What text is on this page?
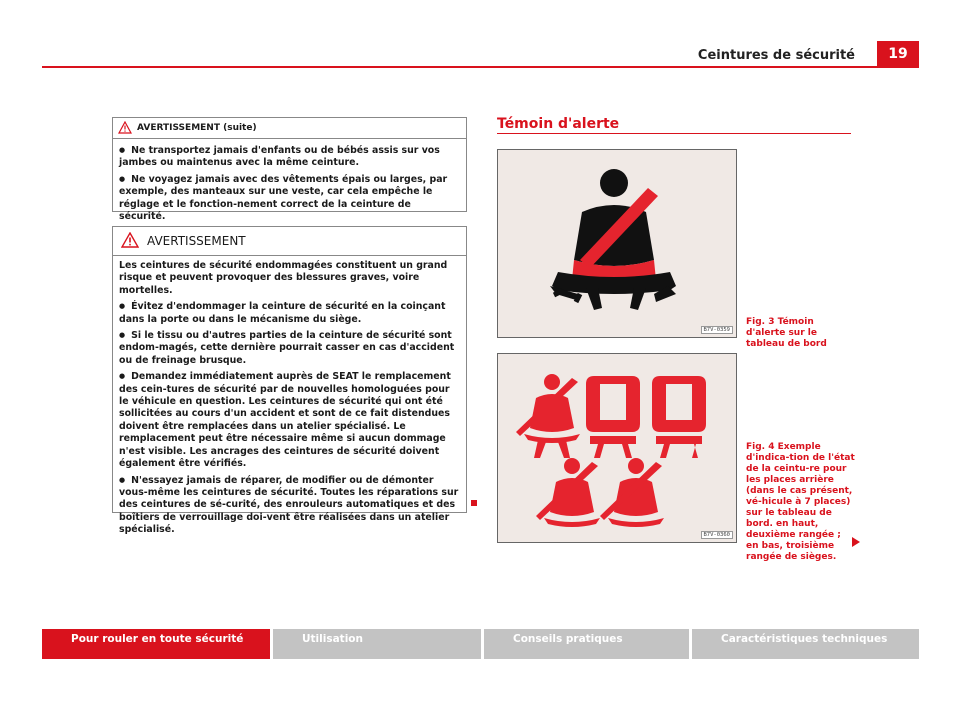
Ceintures de sécurité	19
AVERTISSEMENT (suite)

● Ne transportez jamais d'enfants ou de bébés assis sur vos jambes ou maintenus avec la même ceinture.

● Ne voyagez jamais avec des vêtements épais ou larges, par exemple, des manteaux sur une veste, car cela empêche le réglage et le fonction-nement correct de la ceinture de sécurité.

AVERTISSEMENT

Les ceintures de sécurité endommagées constituent un grand risque et peuvent provoquer des blessures graves, voire mortelles.

● Évitez d'endommager la ceinture de sécurité en la coinçant dans la porte ou dans le mécanisme du siège.

● Si le tissu ou d'autres parties de la ceinture de sécurité sont endom-magés, cette dernière pourrait casser en cas d'accident ou de freinage brusque.

● Demandez immédiatement auprès de SEAT le remplacement des cein-tures de sécurité par de nouvelles homologuées pour le véhicule en question. Les ceintures de sécurité qui ont été sollicitées au cours d'un accident et sont de ce fait distendues doivent être remplacées dans un atelier spécialisé. Le remplacement peut être nécessaire même si aucun dommage n'est visible. Les ancrages des ceintures de sécurité doivent également être vérifiés.

● N'essayez jamais de réparer, de modifier ou de démonter vous-même les ceintures de sécurité. Toutes les réparations sur des ceintures de sé-curité, des enrouleurs automatiques et des boîtiers de verrouillage doi-vent être réalisées dans un atelier spécialisé.

Témoin d'alerte
B7V-0359
Fig. 3 Témoin d'alerte sur le tableau de bord
B7V-0360
Fig. 4 Exemple d'indica-tion de l'état de la ceintu-re pour les places arrière (dans le cas présent, vé-hicule à 7 places) sur le tableau de bord. en haut, deuxième rangée ; en bas, troisième rangée de sièges.
Pour rouler en toute sécurité	Utilisation	Conseils pratiques	Caractéristiques techniques
